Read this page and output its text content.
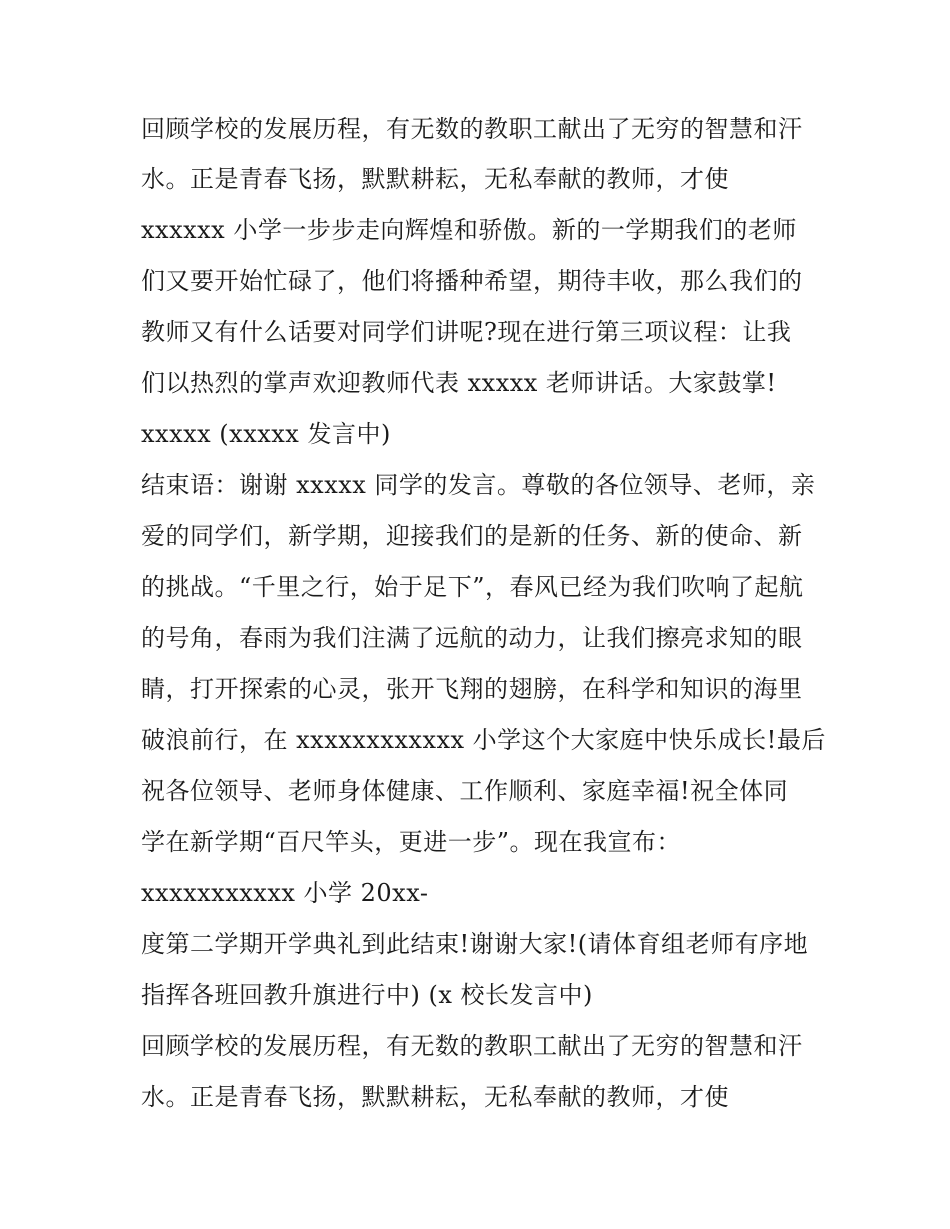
回顾学校的发展历程，有无数的教职工献出了无穷的智慧和汗
水。正是青春飞扬，默默耕耘，无私奉献的教师，才使
xxxxxx 小学一步步走向辉煌和骄傲。新的一学期我们的老师
们又要开始忙碌了，他们将播种希望，期待丰收，那么我们的
教师又有什么话要对同学们讲呢?现在进行第三项议程：让我
们以热烈的掌声欢迎教师代表 xxxxx 老师讲话。大家鼓掌!
xxxxx (xxxxx 发言中)
结束语：谢谢 xxxxx 同学的发言。尊敬的各位领导、老师，亲
爱的同学们，新学期，迎接我们的是新的任务、新的使命、新
的挑战。“千里之行，始于足下”，春风已经为我们吹响了起航
的号角，春雨为我们注满了远航的动力，让我们擦亮求知的眼
睛，打开探索的心灵，张开飞翔的翅膀，在科学和知识的海里
破浪前行，在 xxxxxxxxxxxx 小学这个大家庭中快乐成长!最后
祝各位领导、老师身体健康、工作顺利、家庭幸福!祝全体同
学在新学期“百尺竿头，更进一步”。现在我宣布：
xxxxxxxxxxx 小学 20xx-
度第二学期开学典礼到此结束!谢谢大家!(请体育组老师有序地
指挥各班回教升旗进行中) (x 校长发言中)
回顾学校的发展历程，有无数的教职工献出了无穷的智慧和汗
水。正是青春飞扬，默默耕耘，无私奉献的教师，才使
